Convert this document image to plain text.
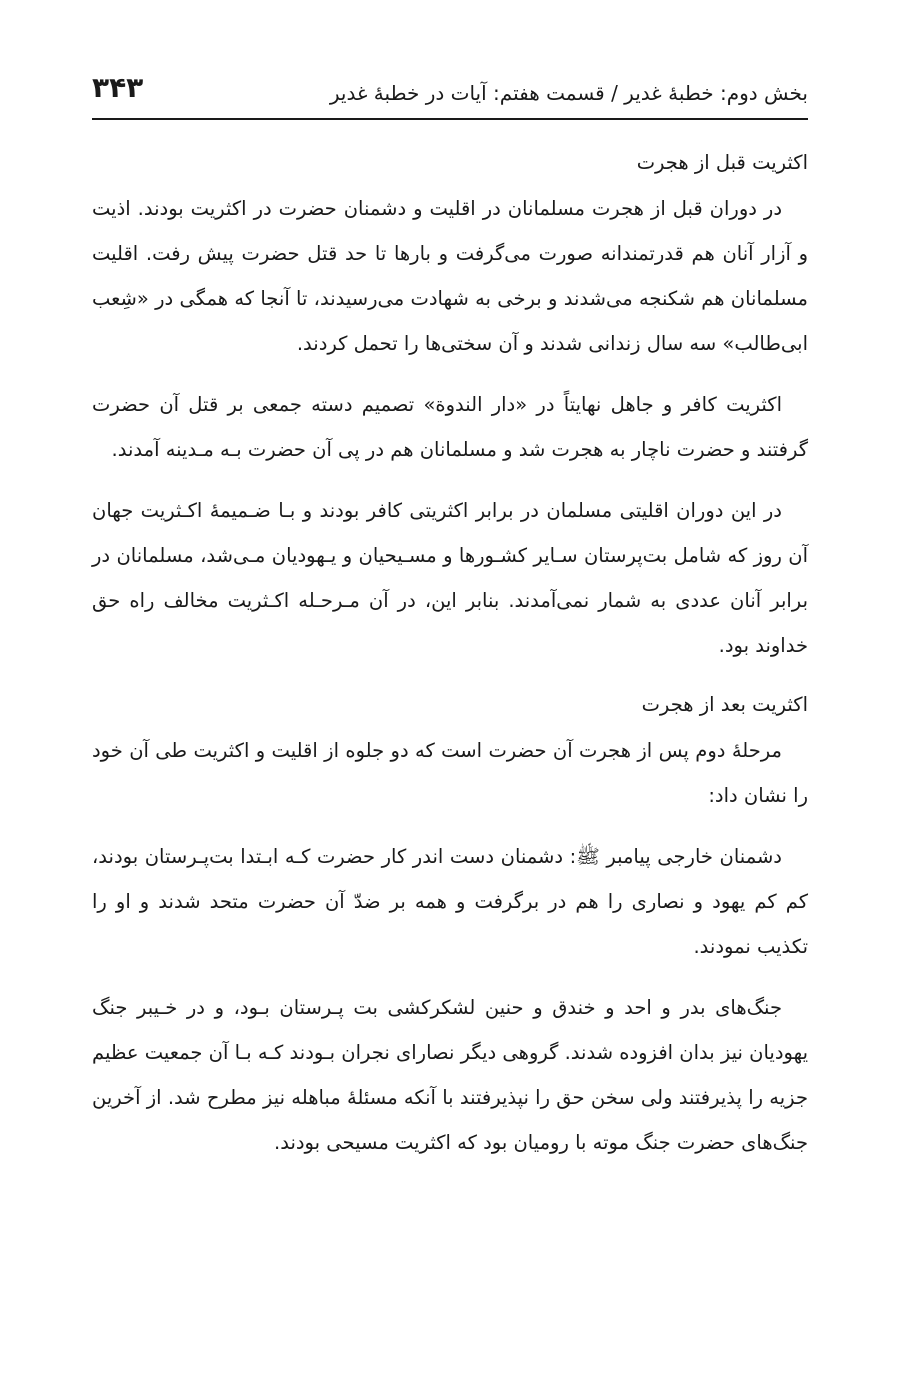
بخش دوم: خطبهٔ غدیر / قسمت هفتم: آیات در خطبهٔ غدیر
۳۴۳
اکثریت قبل از هجرت

در دوران قبل از هجرت مسلمانان در اقلیت و دشمنان حضرت در اکثریت بودند. اذیت و آزار آنان هم قدرتمندانه صورت می‌گرفت و بارها تا حد قتل حضرت پیش رفت. اقلیت مسلمانان هم شکنجه می‌شدند و برخی به شهادت می‌رسیدند، تا آنجا که همگی در «شِعب ابی‌طالب» سه سال زندانی شدند و آن سختی‌ها را تحمل کردند.

اکثریت کافر و جاهل نهایتاً در «دار الندوة» تصمیم دسته جمعی بر قتل آن حضرت گرفتند و حضرت ناچار به هجرت شد و مسلمانان هم در پی آن حضرت بـه مـدینه آمدند.

در این دوران اقلیتی مسلمان در برابر اکثریتی کافر بودند و بـا ضـمیمهٔ اکـثریت جهان آن روز که شامل بت‌پرستان سـایر کشـورها و مسـیحیان و یـهودیان مـی‌شد، مسلمانان در برابر آنان عددی به شمار نمی‌آمدند. بنابر این، در آن مـرحـله اکـثریت مخالف راه حق خداوند بود.

اکثریت بعد از هجرت

مرحلهٔ دوم پس از هجرت آن حضرت است که دو جلوه از اقلیت و اکثریت طی آن خود را نشان داد:

دشمنان خارجی پیامبر ﷺ: دشمنان دست اندر کار حضرت کـه ابـتدا بت‌پـرستان بودند، کم کم یهود و نصاری را هم در برگرفت و همه بر ضدّ آن حضرت متحد شدند و او را تکذیب نمودند.

جنگ‌های بدر و احد و خندق و حنین لشکرکشی بت پـرستان بـود، و در خـیبر جنگ یهودیان نیز بدان افزوده شدند. گروهی دیگر نصارای نجران بـودند کـه بـا آن جمعیت عظیم جزیه را پذیرفتند ولی سخن حق را نپذیرفتند با آنکه مسئلهٔ مباهله نیز مطرح شد. از آخرین جنگ‌های حضرت جنگ موته با رومیان بود که اکثریت مسیحی بودند.
